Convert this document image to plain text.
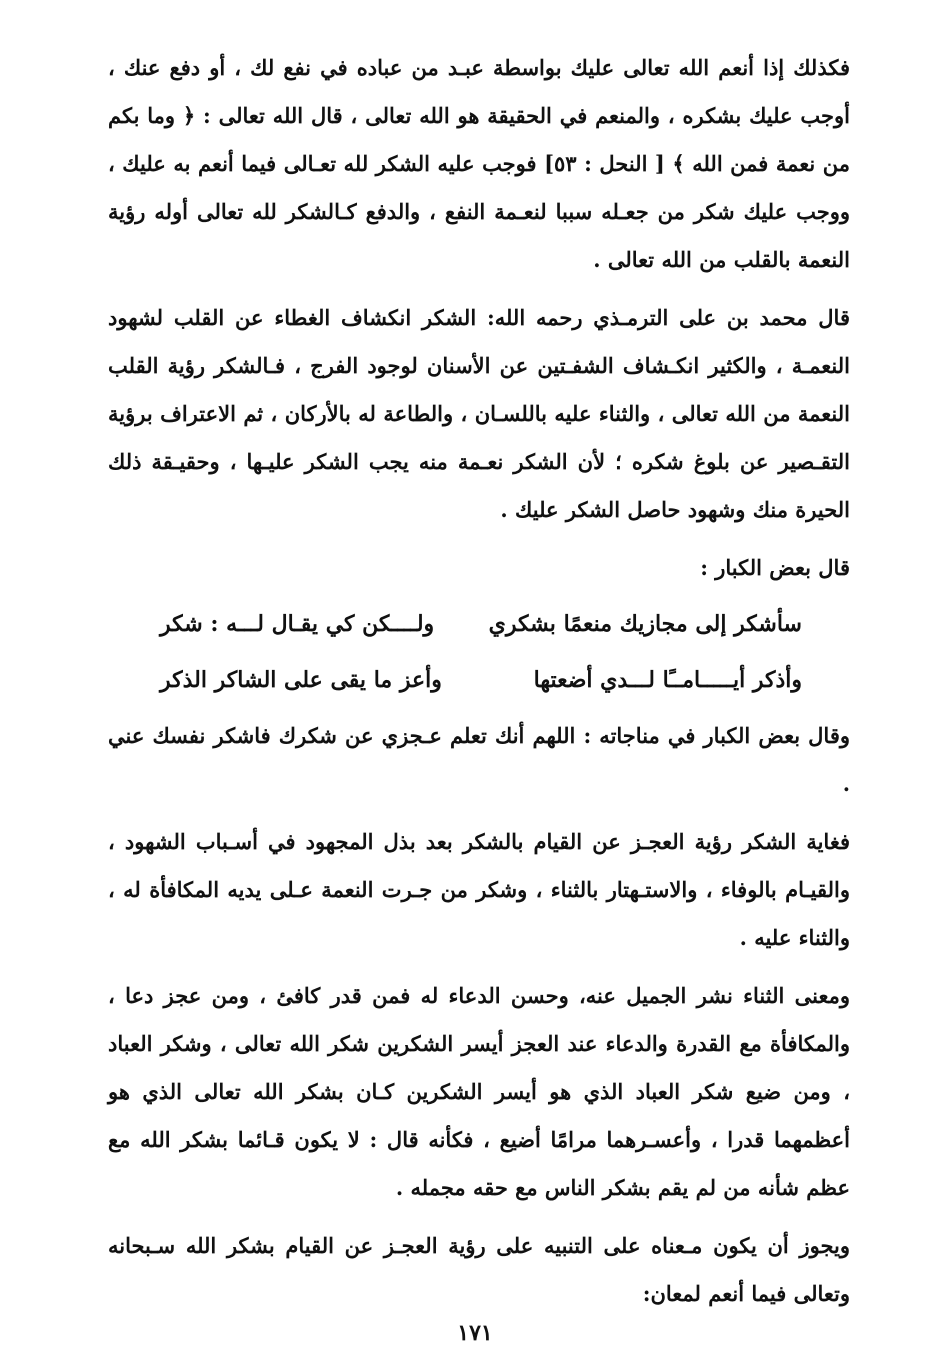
فكذلك إذا أنعم الله تعالى عليك بواسطة عبـد من عباده في نفع لك ، أو دفع عنك ، أوجب عليك بشكره ، والمنعم في الحقيقة هو الله تعالى ، قال الله تعالى : ﴿ وما بكم من نعمة فمن الله ﴾ [ النحل : ٥٣] فوجب عليه الشكر لله تعـالى فيما أنعم به عليك ، ووجب عليك شكر من جعـله سببا لنعـمة النفع ، والدفع كـالشكر لله تعالى أوله رؤية النعمة بالقلب من الله تعالى .

قال محمد بن على الترمـذي رحمه الله: الشكر انكشاف الغطاء عن القلب لشهود النعمـة ، والكثير انكـشاف الشفـتين عن الأسنان لوجود الفرج ، فـالشكر رؤية القلب النعمة من الله تعالى ، والثناء عليه باللسـان ، والطاعة له بالأركان ، ثم الاعتراف برؤية التقـصير عن بلوغ شكره ؛ لأن الشكر نعـمة منه يجب الشكر عليـها ، وحقيـقة ذلك الحيرة منك وشهود حاصل الشكر عليك .

قال بعض الكبار :

سأشكر إلى مجازيك منعمًا بشكري
ولــــكن كي يقـال لـــه : شكر
وأذكر أيـــــامــًا لـــدي أضعتها
وأعز ما يقى على الشاكر الذكر

وقال بعض الكبار في مناجاته : اللهم أنك تعلم عـجزي عن شكرك فاشكر نفسك عني .

فغاية الشكر رؤية العجـز عن القيام بالشكر بعد بذل المجهود في أسـباب الشهود ، والقيـام بالوفاء ، والاستـهتار بالثناء ، وشكر من جـرت النعمة عـلى يديه المكافأة له ، والثناء عليه .

ومعنى الثناء نشر الجميل عنه، وحسن الدعاء له فمن قدر كافئ ، ومن عجز دعا ، والمكافأة مع القدرة والدعاء عند العجز أيسر الشكرين شكر الله تعالى ، وشكر العباد ، ومن ضيع شكر العباد الذي هو أيسر الشكرين كـان بشكر الله تعالى الذي هو أعظمهما قدرا ، وأعسـرهما مرامًا أضيع ، فكأنه قال : لا يكون قـائما بشكر الله مع عظم شأنه من لم يقم بشكر الناس مع حقه مجمله .

ويجوز أن يكون مـعناه على التنبيه على رؤية العجـز عن القيام بشكر الله سـبحانه وتعالى فيما أنعم لمعان:

١٧١
